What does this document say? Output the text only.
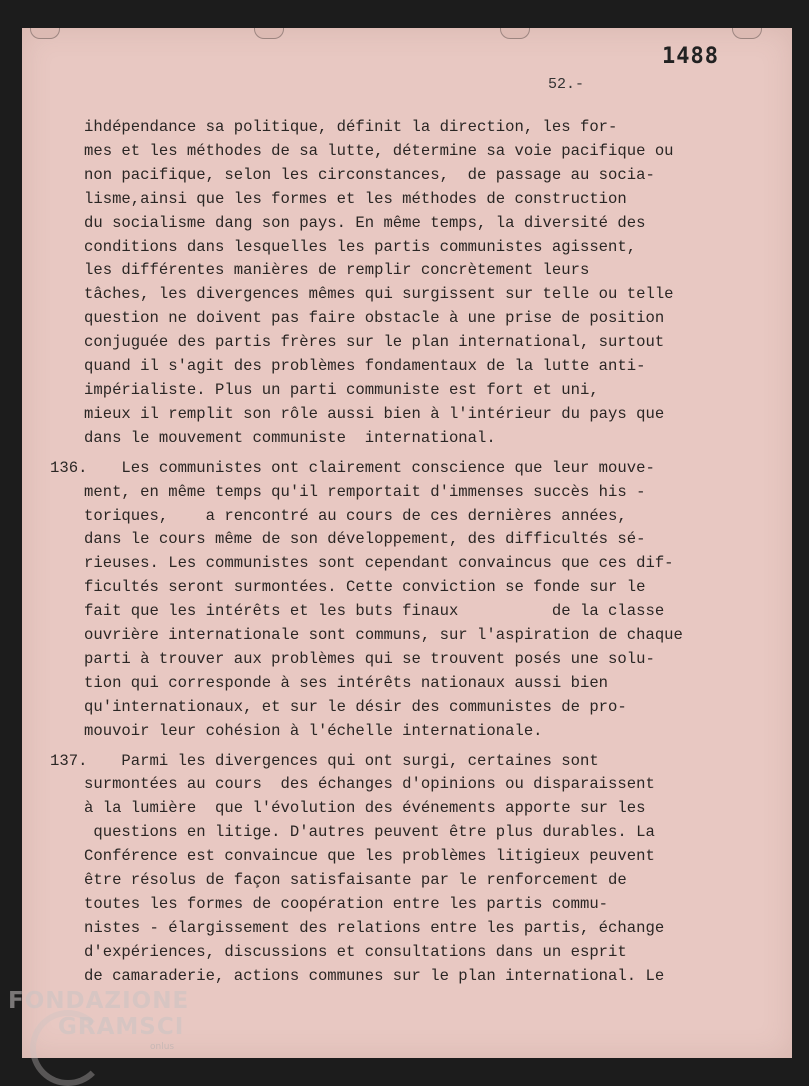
1488
52.-
ihdépendance sa politique, définit la direction, les for-
mes et les méthodes de sa lutte, détermine sa voie pacifique ou
non pacifique, selon les circonstances,  de passage au socia-
lisme,ainsi que les formes et les méthodes de construction
du socialisme dang son pays. En même temps, la diversité des
conditions dans lesquelles les partis communistes agissent,
les différentes manières de remplir concrètement leurs
tâches, les divergences mêmes qui surgissent sur telle ou telle
question ne doivent pas faire obstacle à une prise de position
conjuguée des partis frères sur le plan international, surtout
quand il s'agit des problèmes fondamentaux de la lutte anti-
impérialiste. Plus un parti communiste est fort et uni,
mieux il remplit son rôle aussi bien à l'intérieur du pays que
dans le mouvement communiste  international.
136.
Les communistes ont clairement conscience que leur mouve-
ment, en même temps qu'il remportait d'immenses succès his -
toriques,    a rencontré au cours de ces dernières années,
dans le cours même de son développement, des difficultés sé-
rieuses. Les communistes sont cependant convaincus que ces dif-
ficultés seront surmontées. Cette conviction se fonde sur le
fait que les intérêts et les buts finaux          de la classe
ouvrière internationale sont communs, sur l'aspiration de chaque
parti à trouver aux problèmes qui se trouvent posés une solu-
tion qui corresponde à ses intérêts nationaux aussi bien
qu'internationaux, et sur le désir des communistes de pro-
mouvoir leur cohésion à l'échelle internationale.
137.
Parmi les divergences qui ont surgi, certaines sont
surmontées au cours  des échanges d'opinions ou disparaissent
à la lumière  que l'évolution des événements apporte sur les
questions en litige. D'autres peuvent être plus durables. La
Conférence est convaincue que les problèmes litigieux peuvent
être résolus de façon satisfaisante par le renforcement de
toutes les formes de coopération entre les partis commu-
nistes - élargissement des relations entre les partis, échange
d'expériences, discussions et consultations dans un esprit
de camaraderie, actions communes sur le plan international. Le
FONDAZIONE
GRAMSCI
onlus
